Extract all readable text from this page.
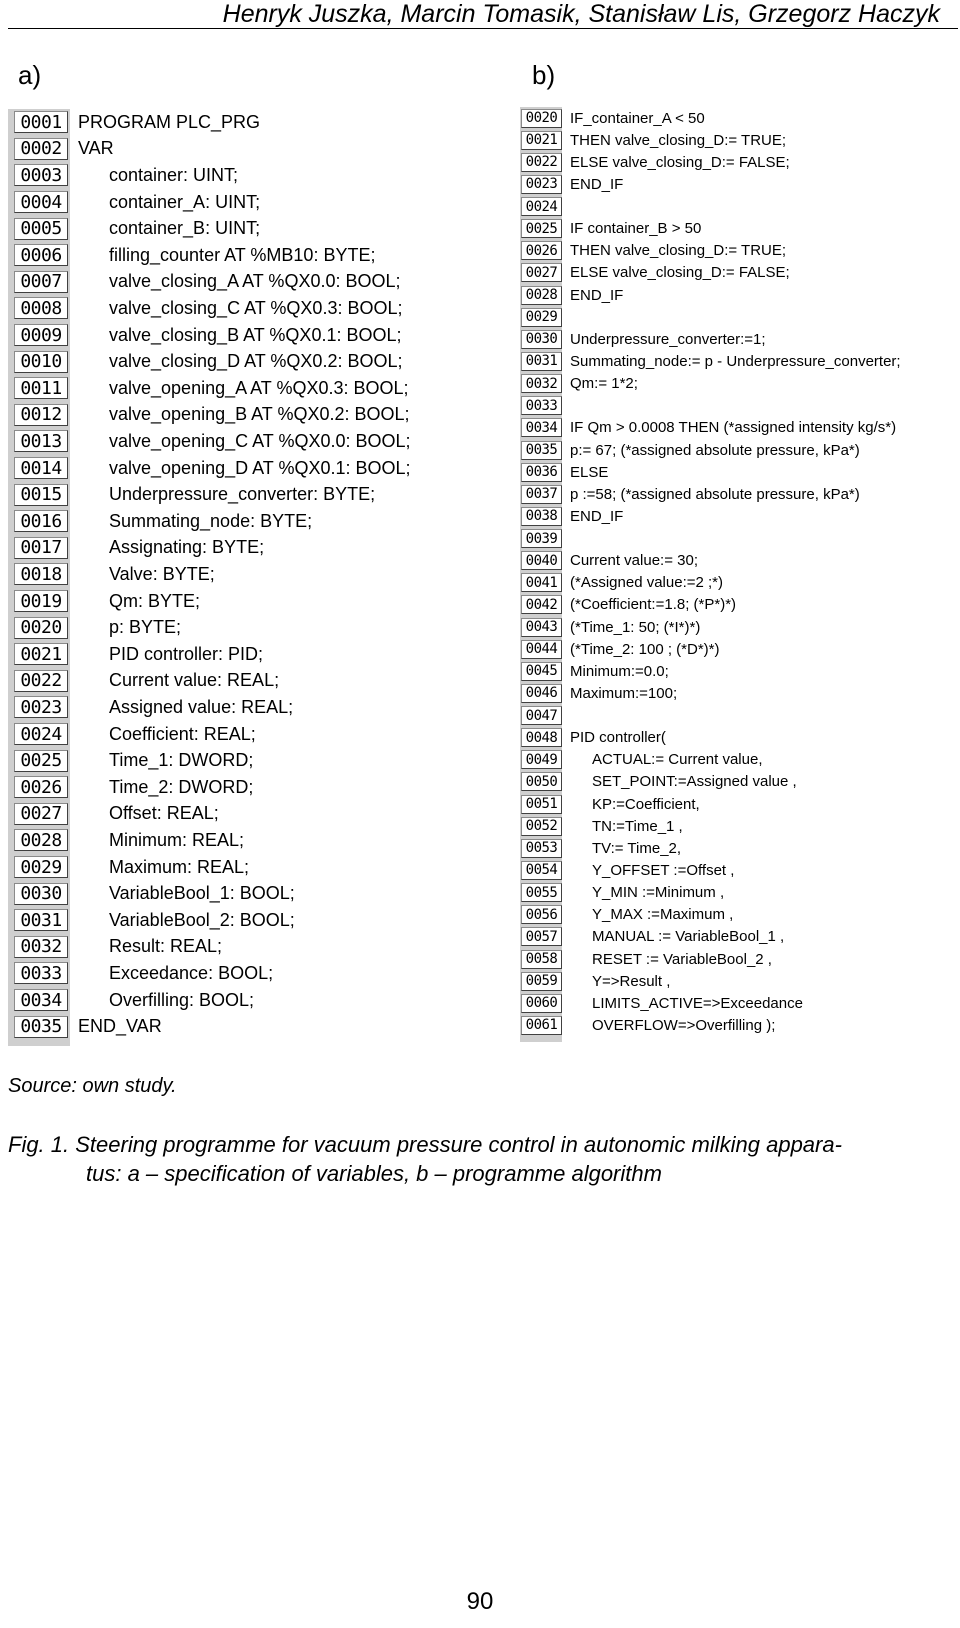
Henryk Juszka, Marcin Tomasik, Stanisław Lis, Grzegorz Haczyk
a)	b)
0001 PROGRAM PLC_PRG
0002 VAR
0003	container: UINT;
0004	container_A: UINT;
0005	container_B: UINT;
0006	filling_counter AT %MB10: BYTE;
0007	valve_closing_A AT %QX0.0: BOOL;
0008	valve_closing_C AT %QX0.3: BOOL;
0009	valve_closing_B AT %QX0.1: BOOL;
0010	valve_closing_D AT %QX0.2: BOOL;
0011	valve_opening_A AT %QX0.3: BOOL;
0012	valve_opening_B AT %QX0.2: BOOL;
0013	valve_opening_C AT %QX0.0: BOOL;
0014	valve_opening_D AT %QX0.1: BOOL;
0015	Underpressure_converter: BYTE;
0016	Summating_node: BYTE;
0017	Assignating: BYTE;
0018	Valve: BYTE;
0019	Qm: BYTE;
0020	p: BYTE;
0021	PID controller: PID;
0022	Current value: REAL;
0023	Assigned value: REAL;
0024	Coefficient: REAL;
0025	Time_1: DWORD;
0026	Time_2: DWORD;
0027	Offset: REAL;
0028	Minimum: REAL;
0029	Maximum: REAL;
0030	VariableBool_1: BOOL;
0031	VariableBool_2: BOOL;
0032	Result: REAL;
0033	Exceedance: BOOL;
0034	Overfilling: BOOL;
0035 END_VAR
0020 IF_container_A < 50
0021 THEN valve_closing_D:= TRUE;
0022 ELSE valve_closing_D:= FALSE;
0023 END_IF
0024
0025 IF container_B > 50
0026 THEN valve_closing_D:= TRUE;
0027 ELSE valve_closing_D:= FALSE;
0028 END_IF
0029
0030 Underpressure_converter:=1;
0031 Summating_node:= p - Underpressure_converter;
0032 Qm:= 1*2;
0033
0034 IF Qm > 0.0008 THEN (*assigned intensity kg/s*)
0035 p:= 67; (*assigned absolute pressure, kPa*)
0036 ELSE
0037 p :=58; (*assigned absolute pressure, kPa*)
0038 END_IF
0039
0040 Current value:= 30;
0041 (*Assigned value:=2 ;*)
0042 (*Coefficient:=1.8; (*P*)*)
0043 (*Time_1: 50; (*I*)*)
0044 (*Time_2: 100 ; (*D*)*)
0045 Minimum:=0.0;
0046 Maximum:=100;
0047
0048 PID controller(
0049	ACTUAL:= Current value,
0050	SET_POINT:=Assigned value ,
0051	KP:=Coefficient,
0052	TN:=Time_1 ,
0053	TV:= Time_2,
0054	Y_OFFSET :=Offset ,
0055	Y_MIN :=Minimum ,
0056	Y_MAX :=Maximum ,
0057	MANUAL := VariableBool_1 ,
0058	RESET := VariableBool_2 ,
0059	Y=>Result ,
0060	LIMITS_ACTIVE=>Exceedance
0061	OVERFLOW=>Overfilling );
Source: own study.
Fig. 1. Steering programme for vacuum pressure control in autonomic milking appara-
tus: a – specification of variables, b – programme algorithm
90
